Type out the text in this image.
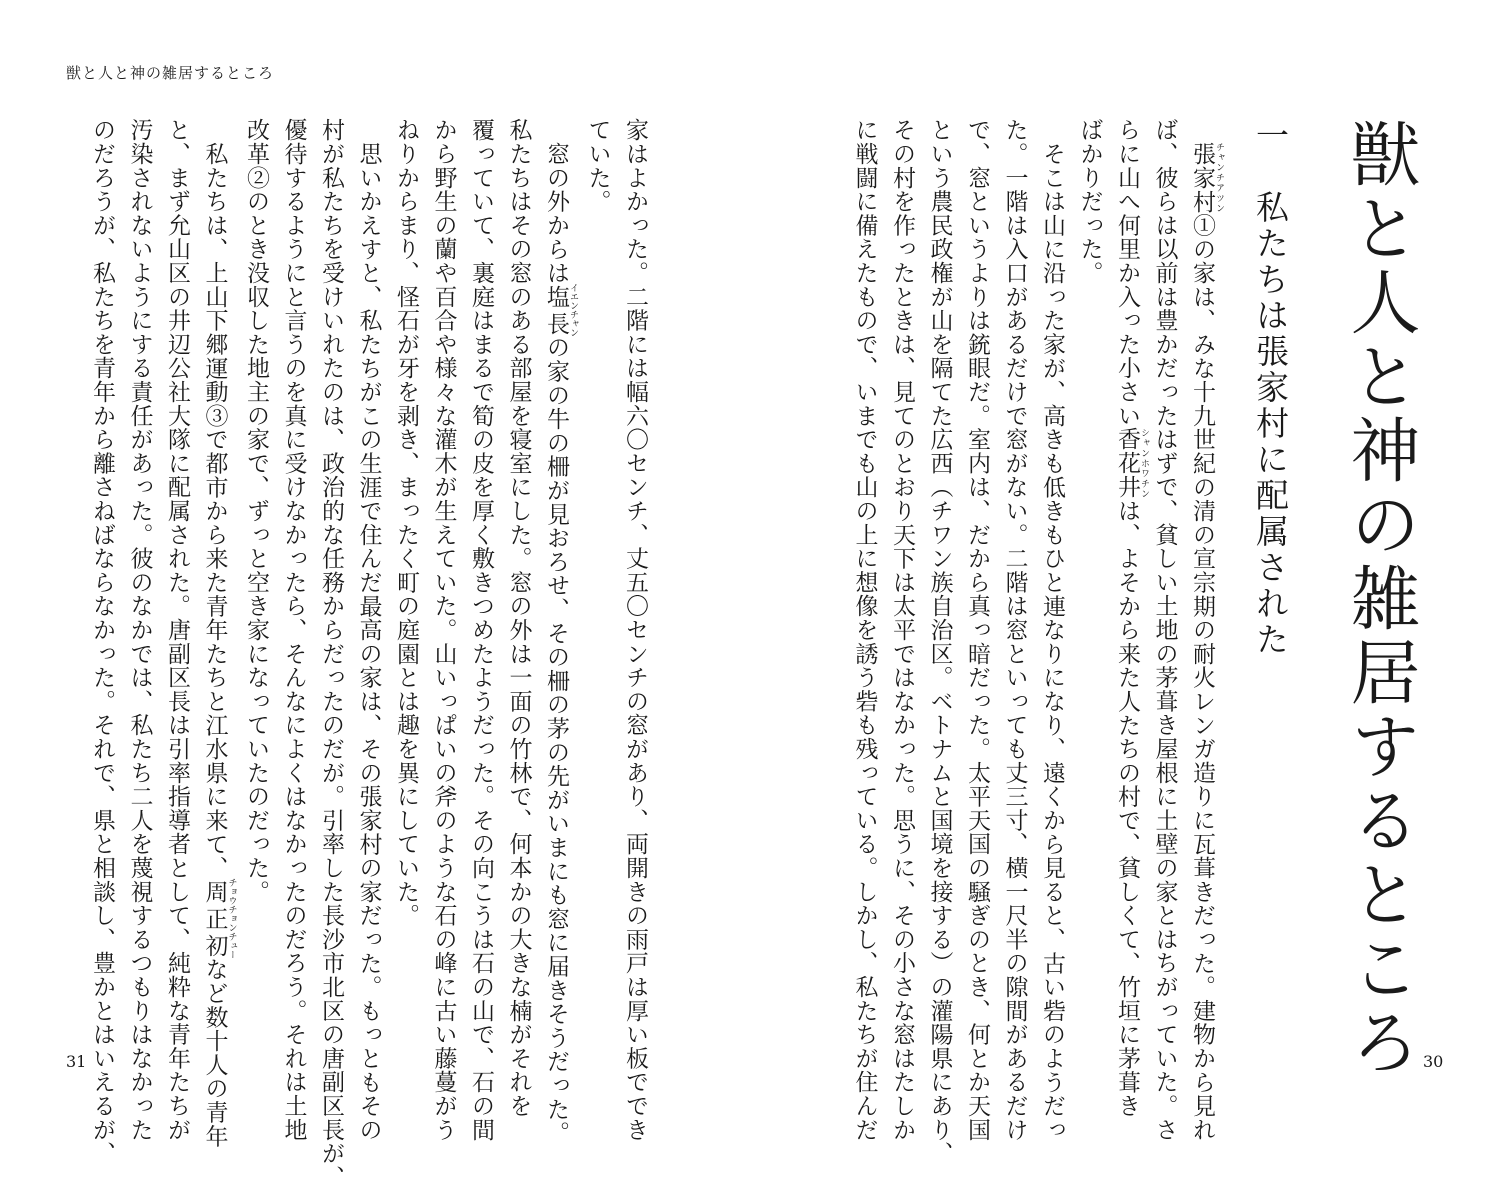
獣と人と神の雑居するところ
獣と人と神の雑居するところ
一　私たちは張家村に配属された

　張家村 チャンチアツン①の家は、みな十九世紀の清の宣宗期の耐火レンガ造りに瓦葺きだった。建物から見れ
ば、彼らは以前は豊かだったはずで、貧しい土地の茅葺き屋根に土壁の家とはちがっていた。さ
らに山へ何里か入った小さい香花井 シャンホワチンは、よそから来た人たちの村で、貧しくて、竹垣に茅葺き
ばかりだった。

　そこは山に沿った家が、高きも低きもひと連なりになり、遠くから見ると、古い砦のようだっ
た。一階は入口があるだけで窓がない。二階は窓といっても丈三寸、横一尺半の隙間があるだけ
で、窓というよりは銃眼だ。室内は、だから真っ暗だった。太平天国の騒ぎのとき、何とか天国
という農民政権が山を隔てた広西（チワン族自治区。ベトナムと国境を接する）の灌陽県にあり、
その村を作ったときは、見てのとおり天下は太平ではなかった。思うに、その小さな窓はたしか
に戦闘に備えたもので、いまでも山の上に想像を誘う砦も残っている。しかし、私たちが住んだ	30

家はよかった。二階には幅六〇センチ、丈五〇センチの窓があり、両開きの雨戸は厚い板ででき
ていた。

　窓の外からは塩長 イエンチャンの家の牛の柵が見おろせ、その柵の茅の先がいまにも窓に届きそうだった。
私たちはその窓のある部屋を寝室にした。窓の外は一面の竹林で、何本かの大きな楠がそれを
覆っていて、裏庭はまるで筍の皮を厚く敷きつめたようだった。その向こうは石の山で、石の間
から野生の蘭や百合や様々な灌木が生えていた。山いっぱいの斧のような石の峰に古い藤蔓がう
ねりからまり、怪石が牙を剥き、まったく町の庭園とは趣を異にしていた。

　思いかえすと、私たちがこの生涯で住んだ最高の家は、その張家村の家だった。もっともその
村が私たちを受けいれたのは、政治的な任務からだったのだが。引率した長沙市北区の唐副区長が、
優待するようにと言うのを真に受けなかったら、そんなによくはなかったのだろう。それは土地
改革②のとき没収した地主の家で、ずっと空き家になっていたのだった。

　私たちは、上山下郷運動③で都市から来た青年たちと江水県に来て、周正初 チョウチョンチューなど数十人の青年
と、まず允山区の井辺公社大隊に配属された。唐副区長は引率指導者として、純粋な青年たちが
汚染されないようにする責任があった。彼のなかでは、私たち二人を蔑視するつもりはなかった
のだろうが、私たちを青年から離さねばならなかった。それで、県と相談し、豊かとはいえるが、

31
